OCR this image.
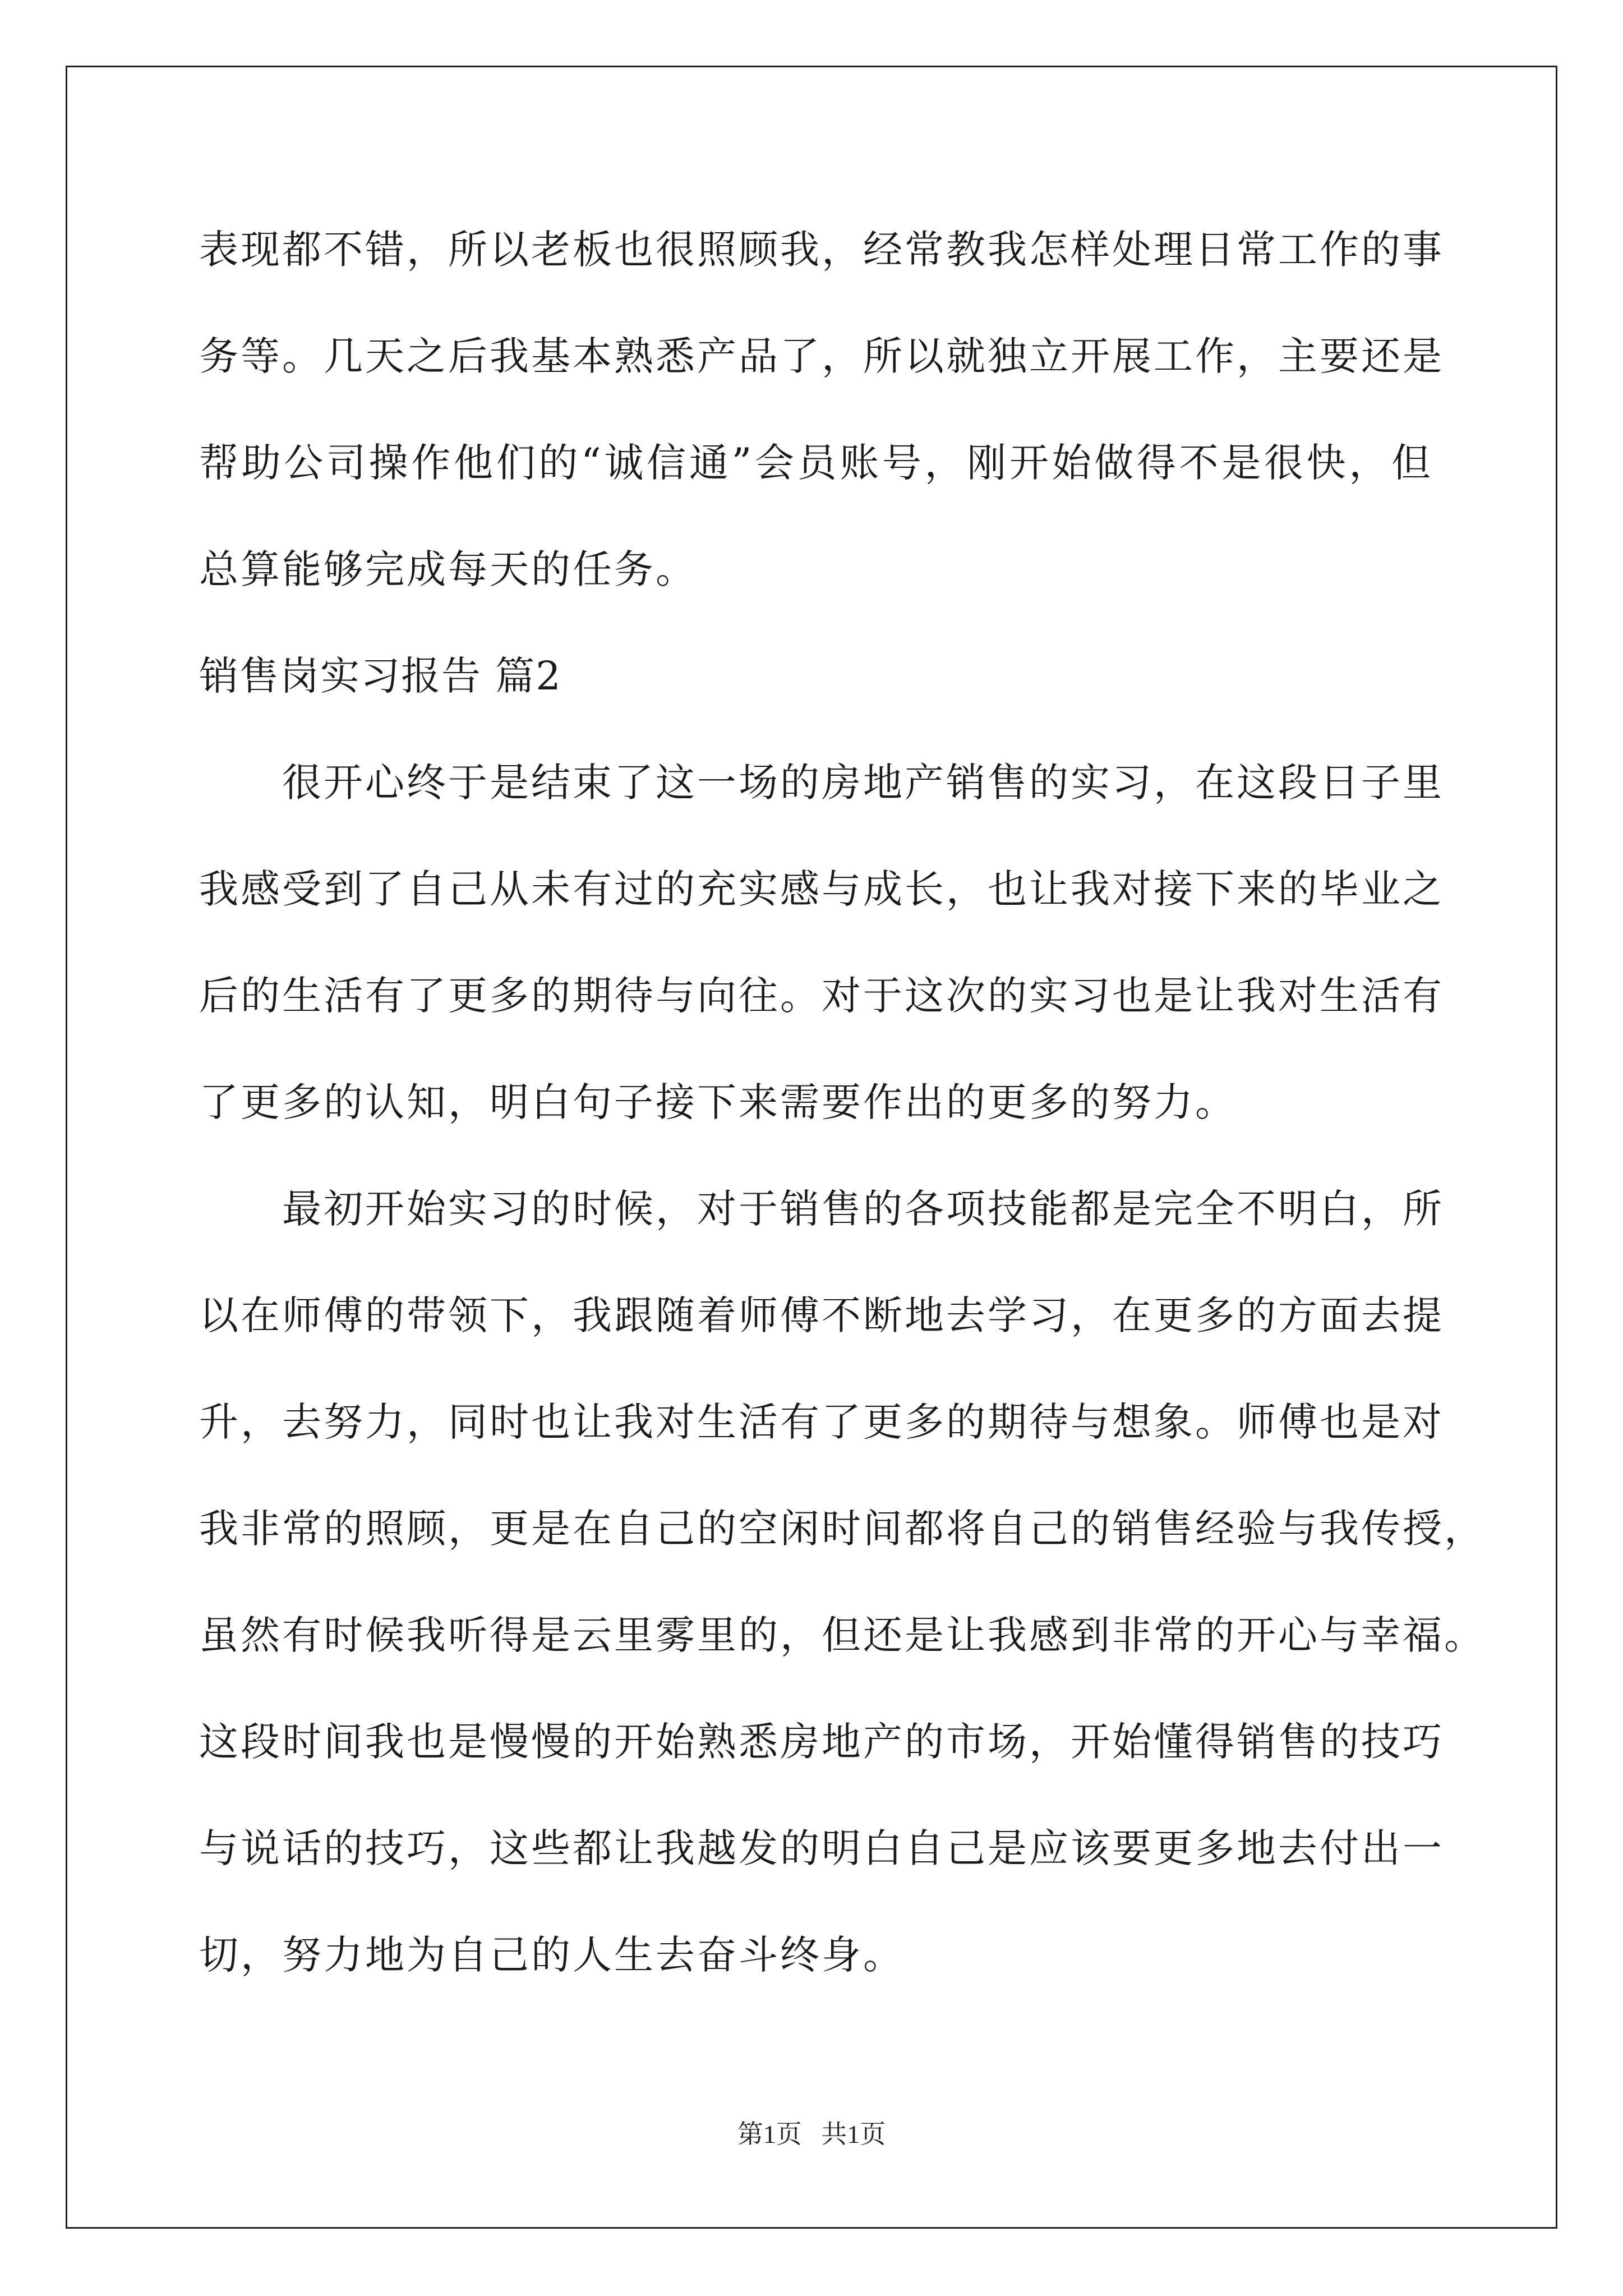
表现都不错，所以老板也很照顾我，经常教我怎样处理日常工作的事
务等。几天之后我基本熟悉产品了，所以就独立开展工作，主要还是
帮助公司操作他们的“诚信通”会员账号，刚开始做得不是很快，但
总算能够完成每天的任务。
销售岗实习报告 篇2
很开心终于是结束了这一场的房地产销售的实习，在这段日子里
我感受到了自己从未有过的充实感与成长，也让我对接下来的毕业之
后的生活有了更多的期待与向往。对于这次的实习也是让我对生活有
了更多的认知，明白句子接下来需要作出的更多的努力。
最初开始实习的时候，对于销售的各项技能都是完全不明白，所
以在师傅的带领下，我跟随着师傅不断地去学习，在更多的方面去提
升，去努力，同时也让我对生活有了更多的期待与想象。师傅也是对
我非常的照顾，更是在自己的空闲时间都将自己的销售经验与我传授，
虽然有时候我听得是云里雾里的，但还是让我感到非常的开心与幸福。
这段时间我也是慢慢的开始熟悉房地产的市场，开始懂得销售的技巧
与说话的技巧，这些都让我越发的明白自己是应该要更多地去付出一
切，努力地为自己的人生去奋斗终身。
第1页   共1页
